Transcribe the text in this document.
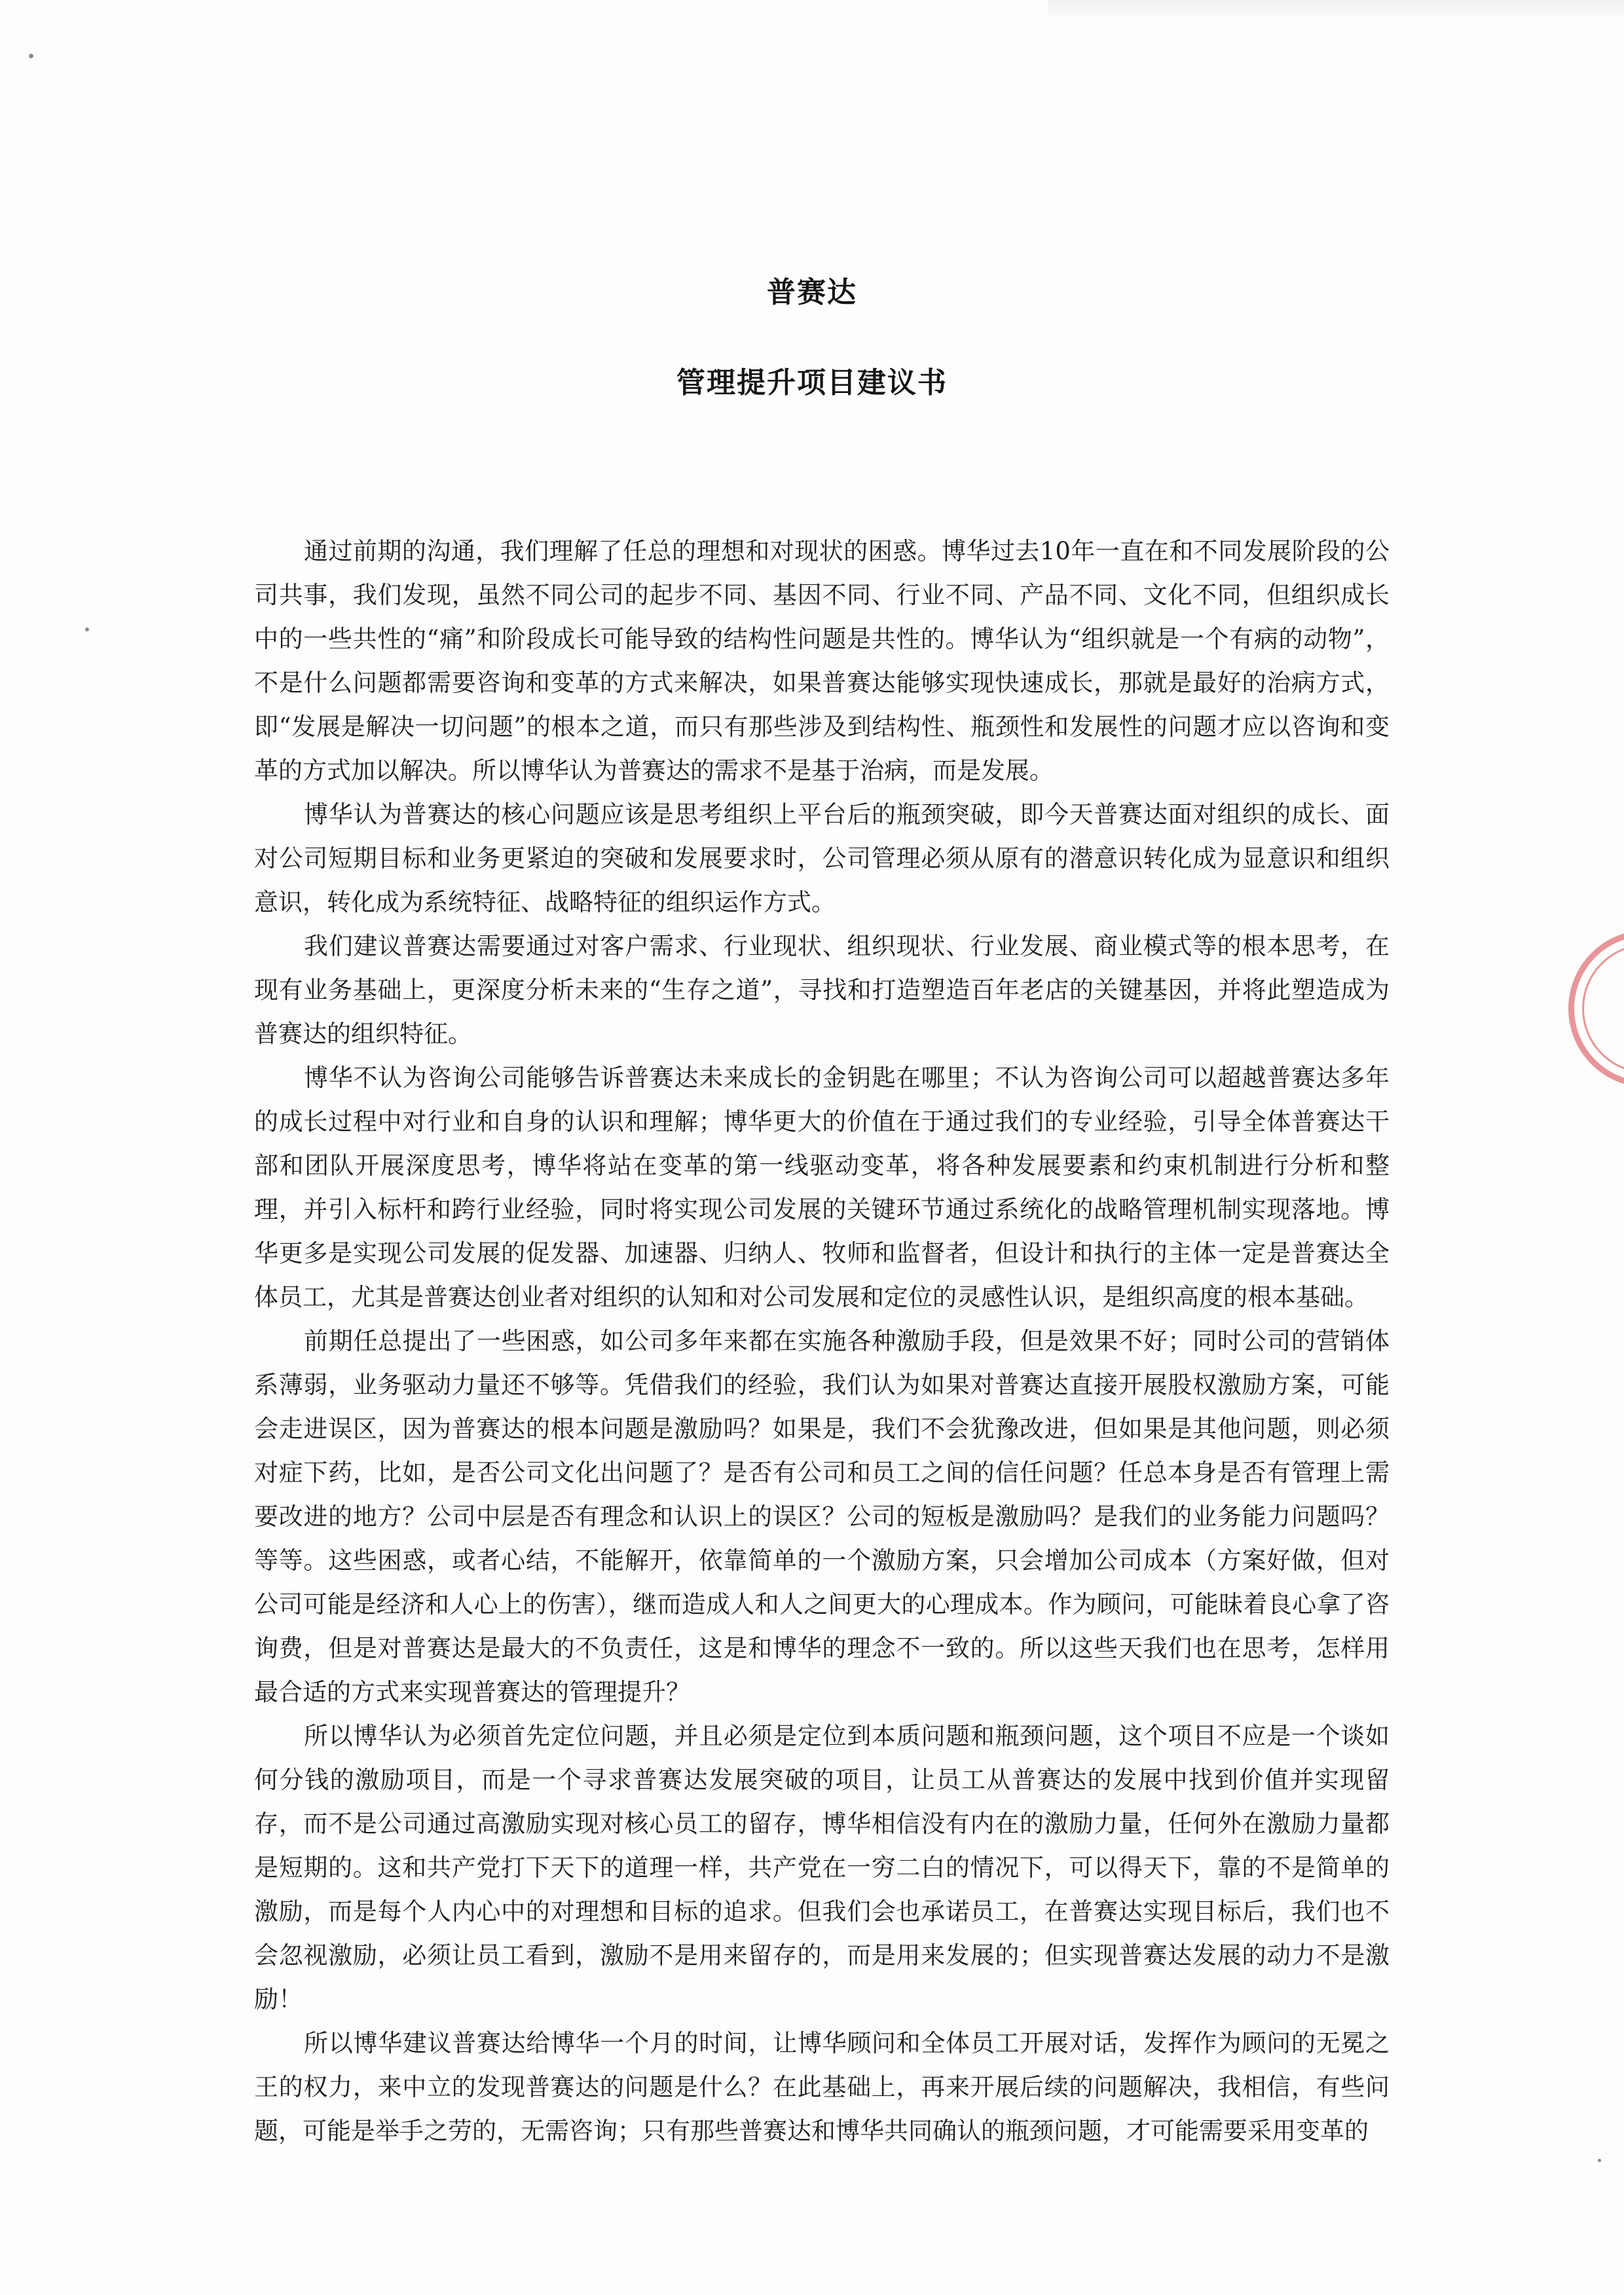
普赛达
管理提升项目建议书

通过前期的沟通，我们理解了任总的理想和对现状的困惑。博华过去10年一直在和不同发展阶段的公司共事，我们发现，虽然不同公司的起步不同、基因不同、行业不同、产品不同、文化不同，但组织成长中的一些共性的“痛”和阶段成长可能导致的结构性问题是共性的。博华认为“组织就是一个有病的动物”，不是什么问题都需要咨询和变革的方式来解决，如果普赛达能够实现快速成长，那就是最好的治病方式，即“发展是解决一切问题”的根本之道，而只有那些涉及到结构性、瓶颈性和发展性的问题才应以咨询和变革的方式加以解决。所以博华认为普赛达的需求不是基于治病，而是发展。

博华认为普赛达的核心问题应该是思考组织上平台后的瓶颈突破，即今天普赛达面对组织的成长、面对公司短期目标和业务更紧迫的突破和发展要求时，公司管理必须从原有的潜意识转化成为显意识和组织意识，转化成为系统特征、战略特征的组织运作方式。

我们建议普赛达需要通过对客户需求、行业现状、组织现状、行业发展、商业模式等的根本思考，在现有业务基础上，更深度分析未来的“生存之道”，寻找和打造塑造百年老店的关键基因，并将此塑造成为普赛达的组织特征。

博华不认为咨询公司能够告诉普赛达未来成长的金钥匙在哪里；不认为咨询公司可以超越普赛达多年的成长过程中对行业和自身的认识和理解；博华更大的价值在于通过我们的专业经验，引导全体普赛达干部和团队开展深度思考，博华将站在变革的第一线驱动变革，将各种发展要素和约束机制进行分析和整理，并引入标杆和跨行业经验，同时将实现公司发展的关键环节通过系统化的战略管理机制实现落地。博华更多是实现公司发展的促发器、加速器、归纳人、牧师和监督者，但设计和执行的主体一定是普赛达全体员工，尤其是普赛达创业者对组织的认知和对公司发展和定位的灵感性认识，是组织高度的根本基础。

前期任总提出了一些困惑，如公司多年来都在实施各种激励手段，但是效果不好；同时公司的营销体系薄弱，业务驱动力量还不够等。凭借我们的经验，我们认为如果对普赛达直接开展股权激励方案，可能会走进误区，因为普赛达的根本问题是激励吗？如果是，我们不会犹豫改进，但如果是其他问题，则必须对症下药，比如，是否公司文化出问题了？是否有公司和员工之间的信任问题？任总本身是否有管理上需要改进的地方？公司中层是否有理念和认识上的误区？公司的短板是激励吗？是我们的业务能力问题吗？等等。这些困惑，或者心结，不能解开，依靠简单的一个激励方案，只会增加公司成本（方案好做，但对公司可能是经济和人心上的伤害），继而造成人和人之间更大的心理成本。作为顾问，可能昧着良心拿了咨询费，但是对普赛达是最大的不负责任，这是和博华的理念不一致的。所以这些天我们也在思考，怎样用最合适的方式来实现普赛达的管理提升？

所以博华认为必须首先定位问题，并且必须是定位到本质问题和瓶颈问题，这个项目不应是一个谈如何分钱的激励项目，而是一个寻求普赛达发展突破的项目，让员工从普赛达的发展中找到价值并实现留存，而不是公司通过高激励实现对核心员工的留存，博华相信没有内在的激励力量，任何外在激励力量都是短期的。这和共产党打下天下的道理一样，共产党在一穷二白的情况下，可以得天下，靠的不是简单的激励，而是每个人内心中的对理想和目标的追求。但我们会也承诺员工，在普赛达实现目标后，我们也不会忽视激励，必须让员工看到，激励不是用来留存的，而是用来发展的；但实现普赛达发展的动力不是激励！

所以博华建议普赛达给博华一个月的时间，让博华顾问和全体员工开展对话，发挥作为顾问的无冕之王的权力，来中立的发现普赛达的问题是什么？在此基础上，再来开展后续的问题解决，我相信，有些问题，可能是举手之劳的，无需咨询；只有那些普赛达和博华共同确认的瓶颈问题，才可能需要采用变革的
